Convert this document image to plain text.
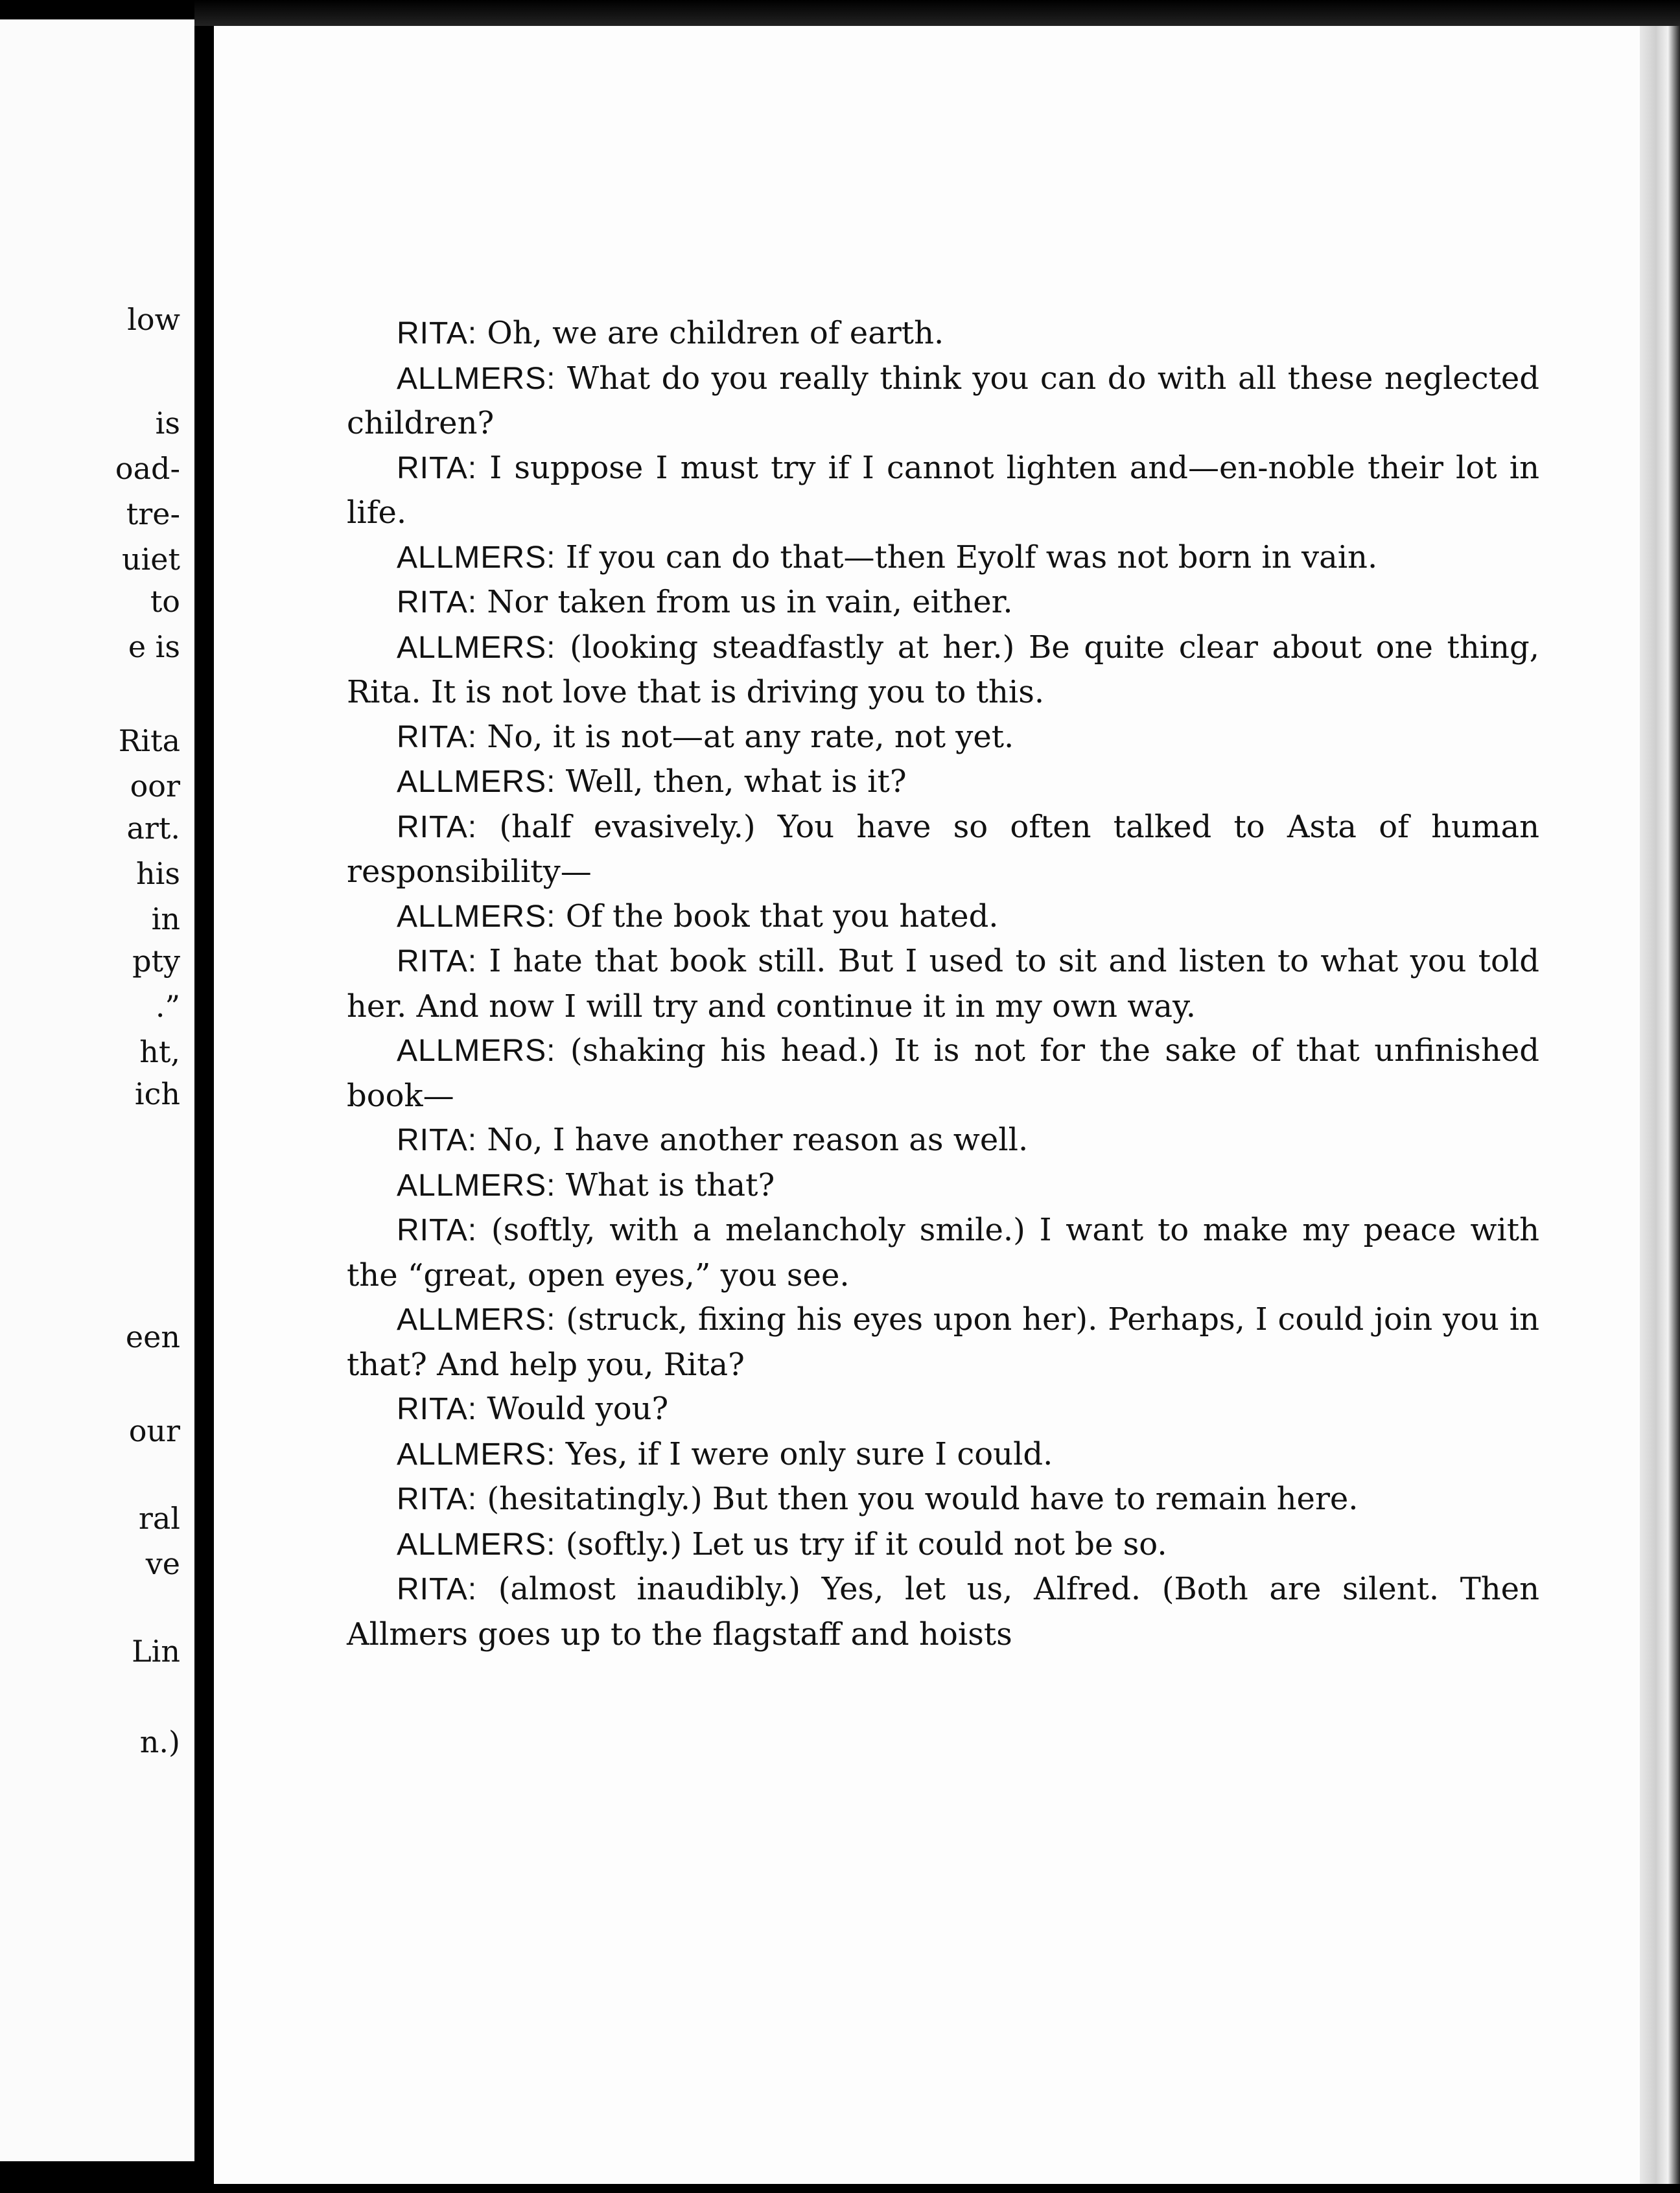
low
is
oad-
tre-
uiet
to
e is
Rita
oor
art.
his
in
pty
.”
ht,
ich
een
our
ral
ve
Lin
n.)

RITA: Oh, we are children of earth.

ALLMERS: What do you really think you can do with all these neglected children?

RITA: I suppose I must try if I cannot lighten and—en-noble their lot in life.

ALLMERS: If you can do that—then Eyolf was not born in vain.

RITA: Nor taken from us in vain, either.

ALLMERS: (looking steadfastly at her.) Be quite clear about one thing, Rita. It is not love that is driving you to this.

RITA: No, it is not—at any rate, not yet.

ALLMERS: Well, then, what is it?

RITA: (half evasively.) You have so often talked to Asta of human responsibility—

ALLMERS: Of the book that you hated.

RITA: I hate that book still. But I used to sit and listen to what you told her. And now I will try and continue it in my own way.

ALLMERS: (shaking his head.) It is not for the sake of that unfinished book—

RITA: No, I have another reason as well.

ALLMERS: What is that?

RITA: (softly, with a melancholy smile.) I want to make my peace with the “great, open eyes,” you see.

ALLMERS: (struck, fixing his eyes upon her). Perhaps, I could join you in that? And help you, Rita?

RITA: Would you?

ALLMERS: Yes, if I were only sure I could.

RITA: (hesitatingly.) But then you would have to remain here.

ALLMERS: (softly.) Let us try if it could not be so.

RITA: (almost inaudibly.) Yes, let us, Alfred. (Both are silent. Then Allmers goes up to the flagstaff and hoists
